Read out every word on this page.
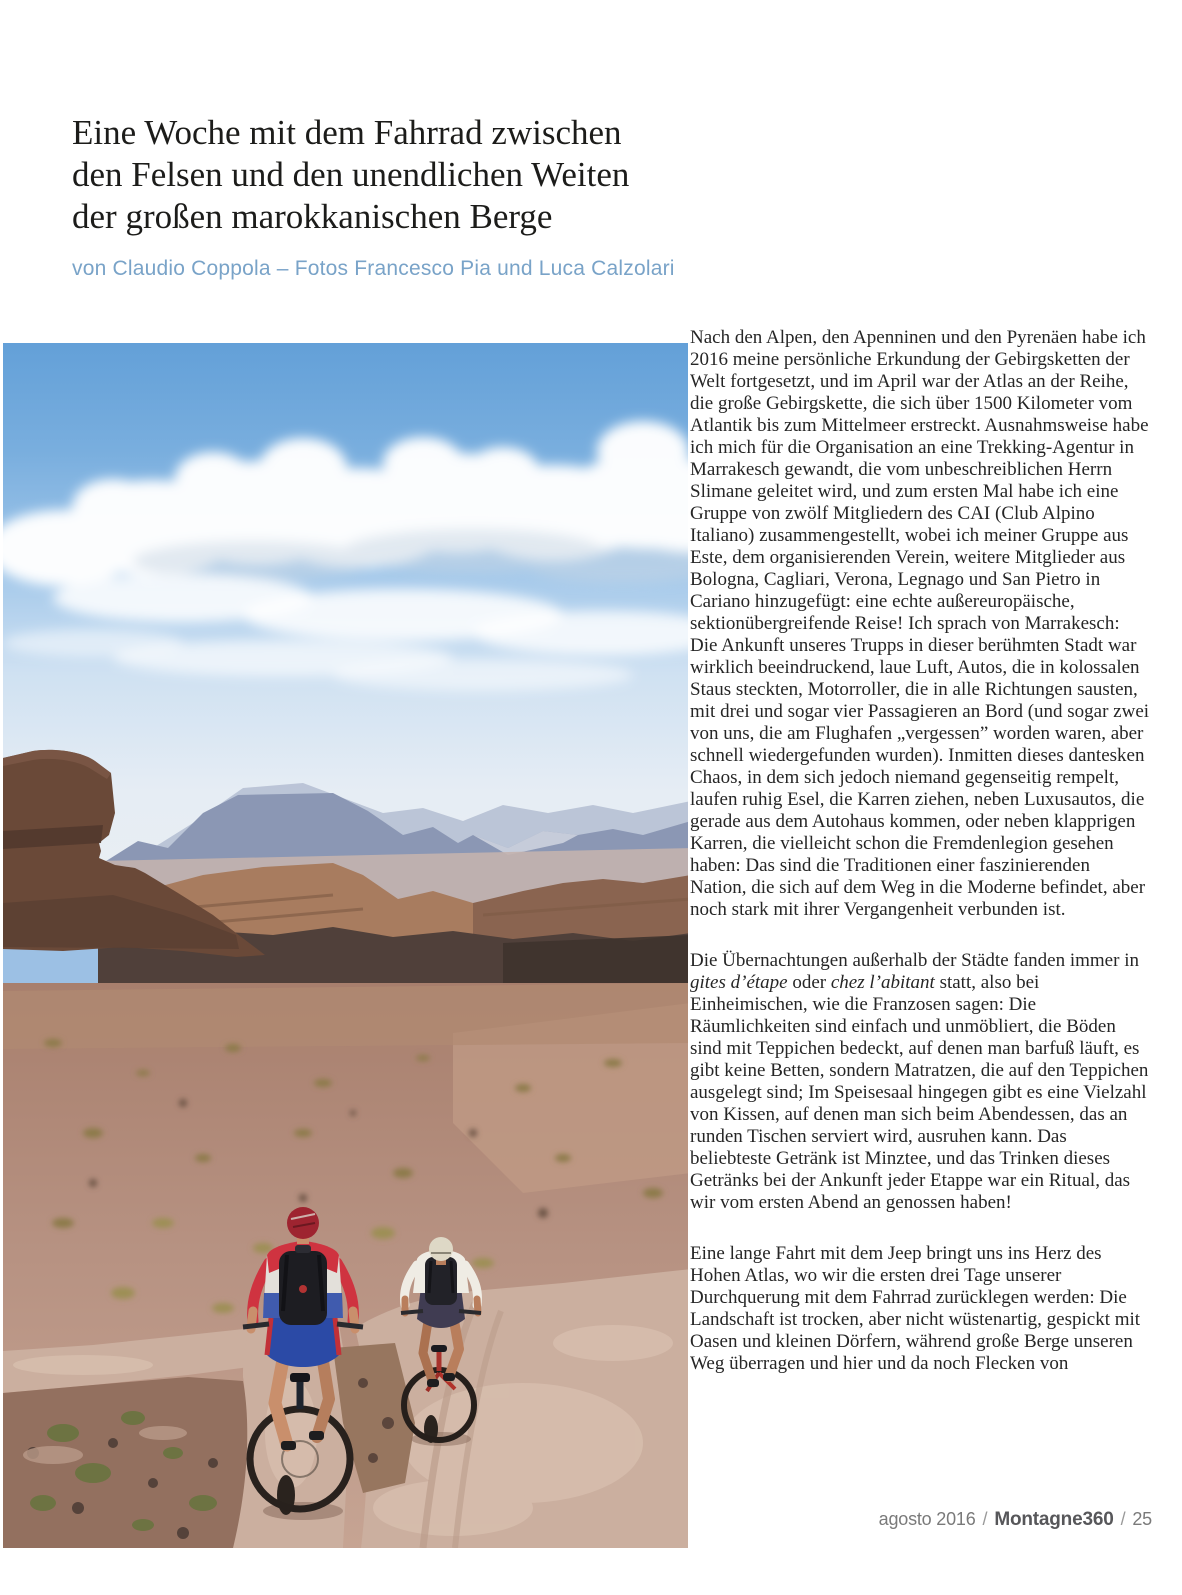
Eine Woche mit dem Fahrrad zwischen
den Felsen und den unendlichen Weiten
der großen marokkanischen Berge
von Claudio Coppola – Fotos Francesco Pia und Luca Calzolari

Nach den Alpen, den Apenninen und den Pyrenäen habe ich 2016 meine persönliche Erkundung der Gebirgsketten der Welt fortgesetzt, und im April war der Atlas an der Reihe, die große Gebirgskette, die sich über 1500 Kilometer vom Atlantik bis zum Mittelmeer erstreckt. Ausnahmsweise habe ich mich für die Organisation an eine Trekking-Agentur in Marrakesch gewandt, die vom unbeschreiblichen Herrn Slimane geleitet wird, und zum ersten Mal habe ich eine Gruppe von zwölf Mitgliedern des CAI (Club Alpino Italiano) zusammengestellt, wobei ich meiner Gruppe aus Este, dem organisierenden Verein, weitere Mitglieder aus Bologna, Cagliari, Verona, Legnago und San Pietro in Cariano hinzugefügt: eine echte außereuropäische, sektionübergreifende Reise! Ich sprach von Marrakesch: Die Ankunft unseres Trupps in dieser berühmten Stadt war wirklich beeindruckend, laue Luft, Autos, die in kolossalen Staus steckten, Motorroller, die in alle Richtungen sausten, mit drei und sogar vier Passagieren an Bord (und sogar zwei von uns, die am Flughafen „vergessen” worden waren, aber schnell wiedergefunden wurden). Inmitten dieses dantesken Chaos, in dem sich jedoch niemand gegenseitig rempelt, laufen ruhig Esel, die Karren ziehen, neben Luxusautos, die gerade aus dem Autohaus kommen, oder neben klapprigen Karren, die vielleicht schon die Fremdenlegion gesehen haben: Das sind die Traditionen einer faszinierenden Nation, die sich auf dem Weg in die Moderne befindet, aber noch stark mit ihrer Vergangenheit verbunden ist.

Die Übernachtungen außerhalb der Städte fanden immer in gites d’étape oder chez l’abitant statt, also bei Einheimischen, wie die Franzosen sagen: Die Räumlichkeiten sind einfach und unmöbliert, die Böden sind mit Teppichen bedeckt, auf denen man barfuß läuft, es gibt keine Betten, sondern Matratzen, die auf den Teppichen ausgelegt sind; Im Speisesaal hingegen gibt es eine Vielzahl von Kissen, auf denen man sich beim Abendessen, das an runden Tischen serviert wird, ausruhen kann. Das beliebteste Getränk ist Minztee, und das Trinken dieses Getränks bei der Ankunft jeder Etappe war ein Ritual, das wir vom ersten Abend an genossen haben!

Eine lange Fahrt mit dem Jeep bringt uns ins Herz des Hohen Atlas, wo wir die ersten drei Tage unserer Durchquerung mit dem Fahrrad zurücklegen werden: Die Landschaft ist trocken, aber nicht wüstenartig, gespickt mit Oasen und kleinen Dörfern, während große Berge unseren Weg überragen und hier und da noch Flecken von

agosto 2016 / Montagne360 / 25
